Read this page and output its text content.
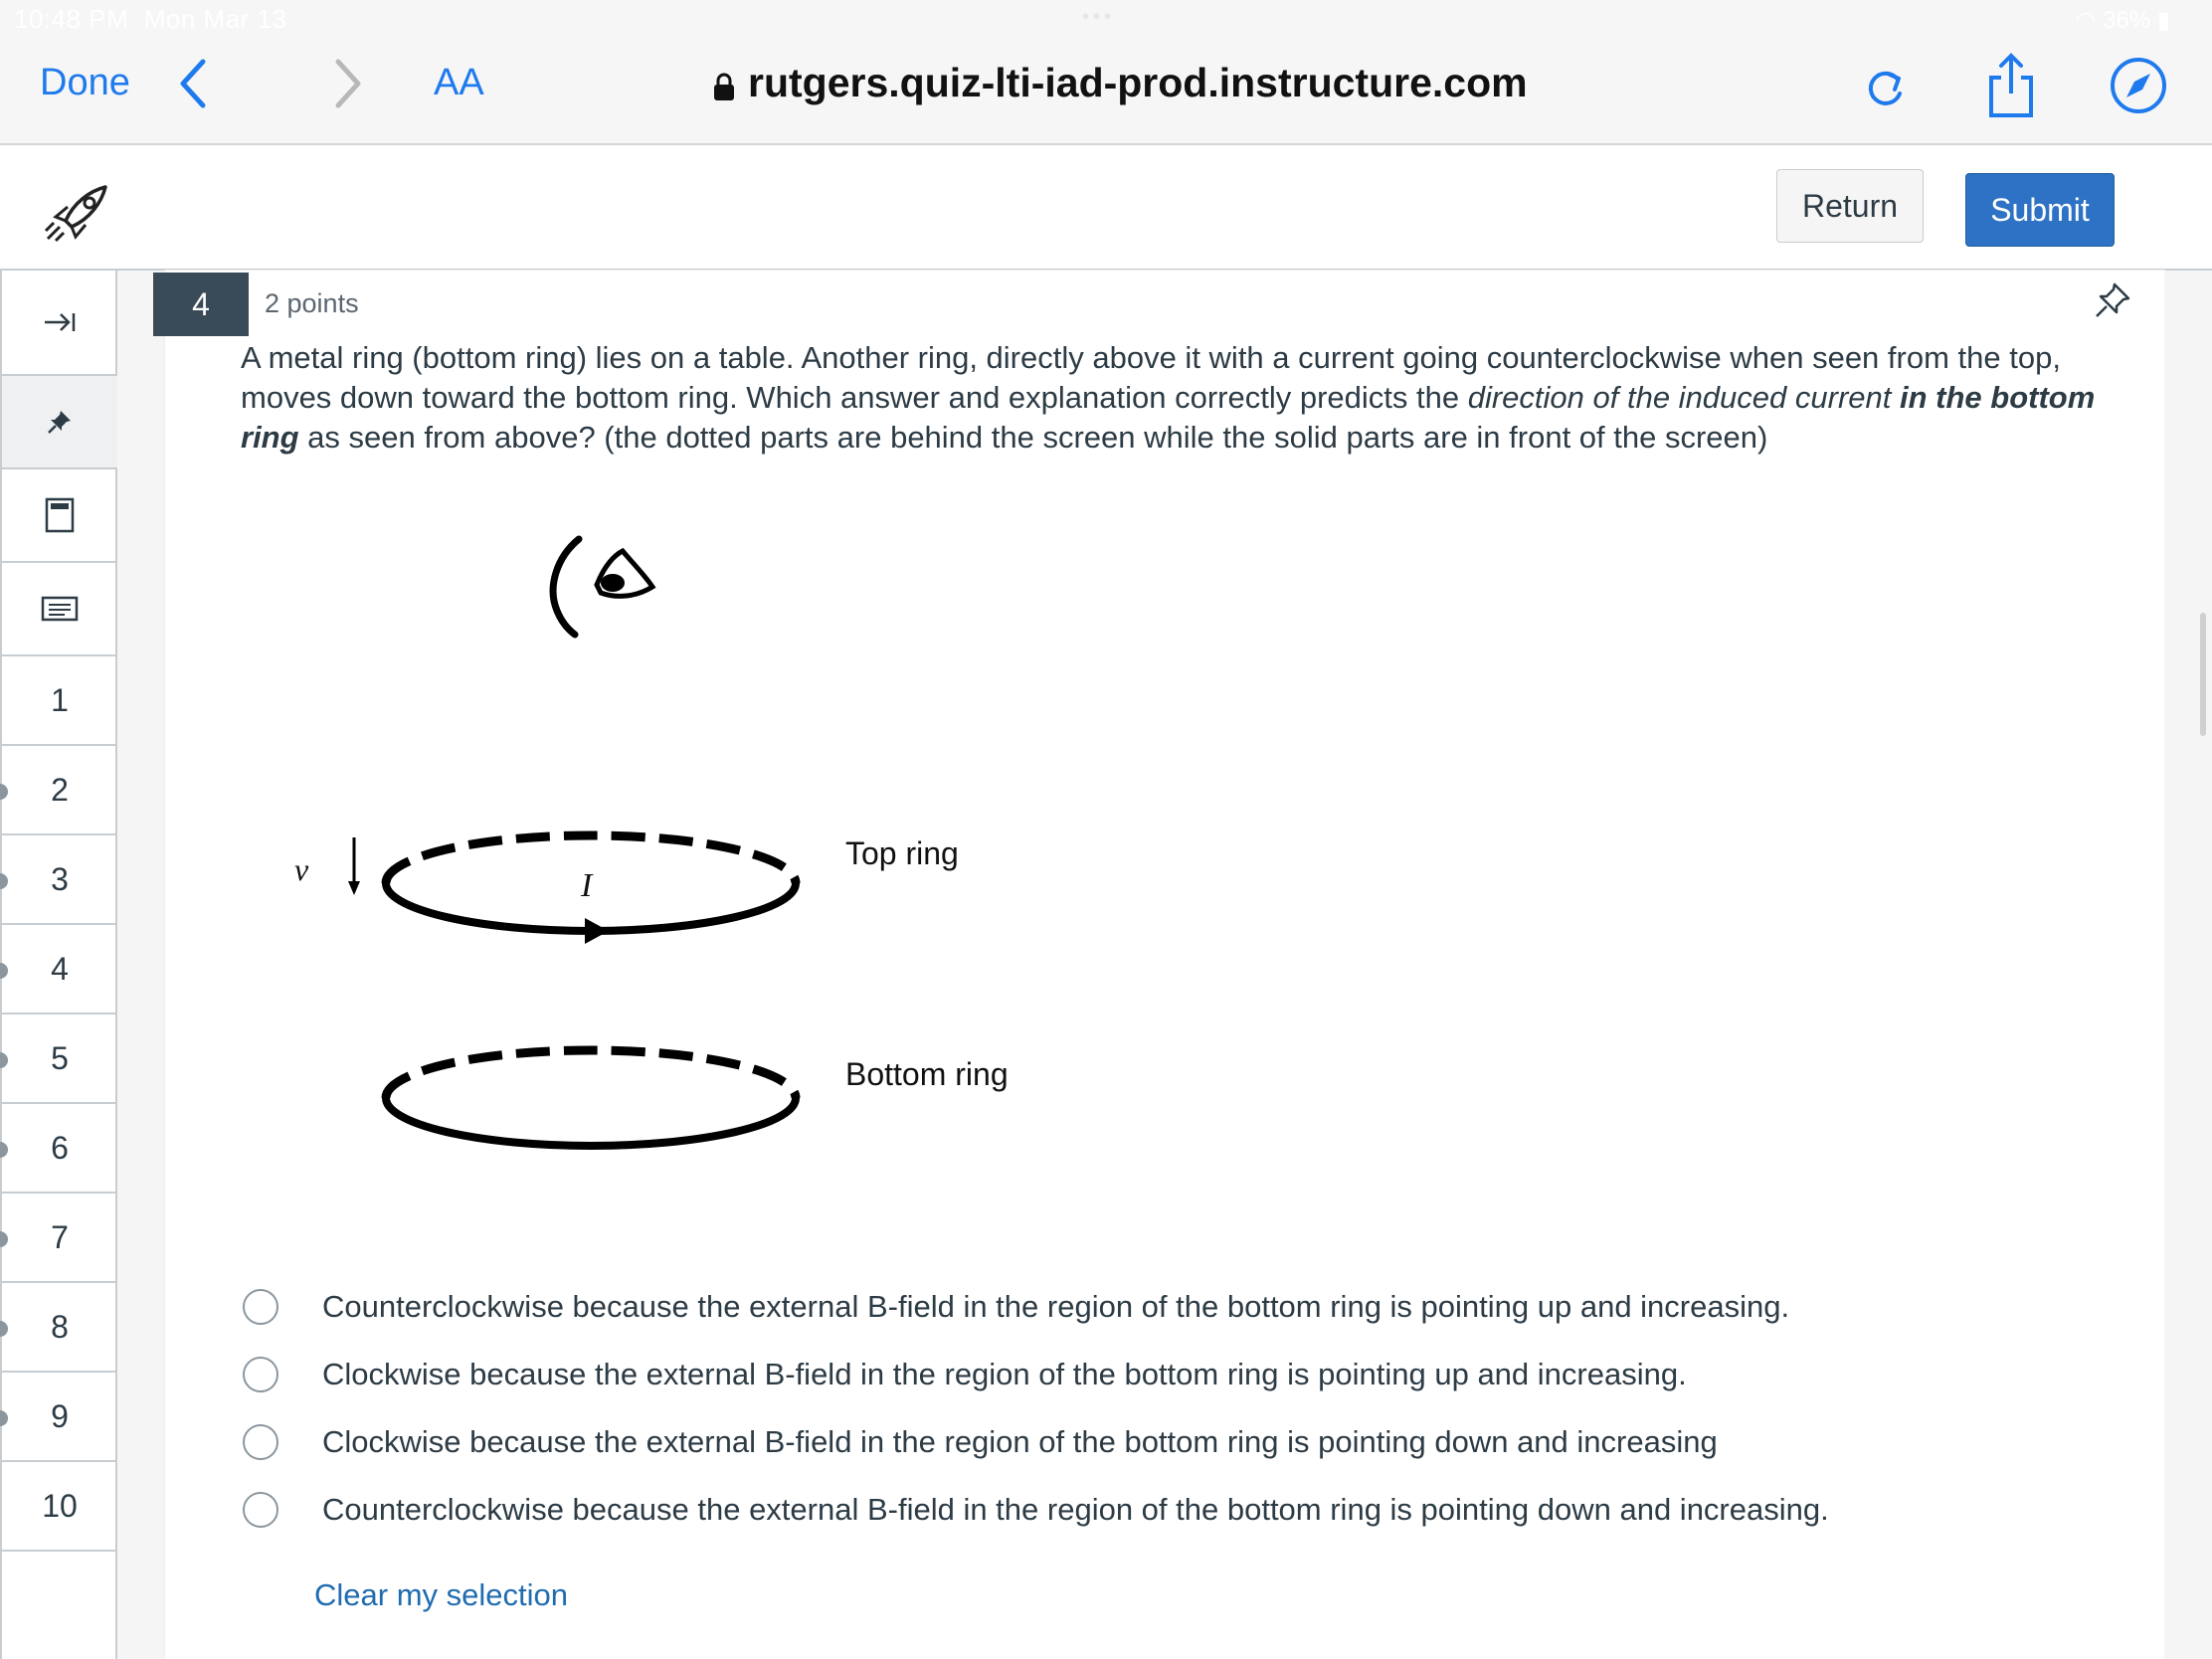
10:48 PM Mon Mar 13	•••	◠ 36% ▮
Done	AA	rutgers.quiz-lti-iad-prod.instructure.com
Return	Submit
1
2
3
4
5
6
7
8
9
10
4	2 points
A metal ring (bottom ring) lies on a table. Another ring, directly above it with a current going counterclockwise when seen from the top, moves down toward the bottom ring. Which answer and explanation correctly predicts the direction of the induced current in the bottom ring as seen from above? (the dotted parts are behind the screen while the solid parts are in front of the screen)
v	I
Top ring
Bottom ring
Counterclockwise because the external B-field in the region of the bottom ring is pointing up and increasing.
Clockwise because the external B-field in the region of the bottom ring is pointing up and increasing.
Clockwise because the external B-field in the region of the bottom ring is pointing down and increasing
Counterclockwise because the external B-field in the region of the bottom ring is pointing down and increasing.
Clear my selection
